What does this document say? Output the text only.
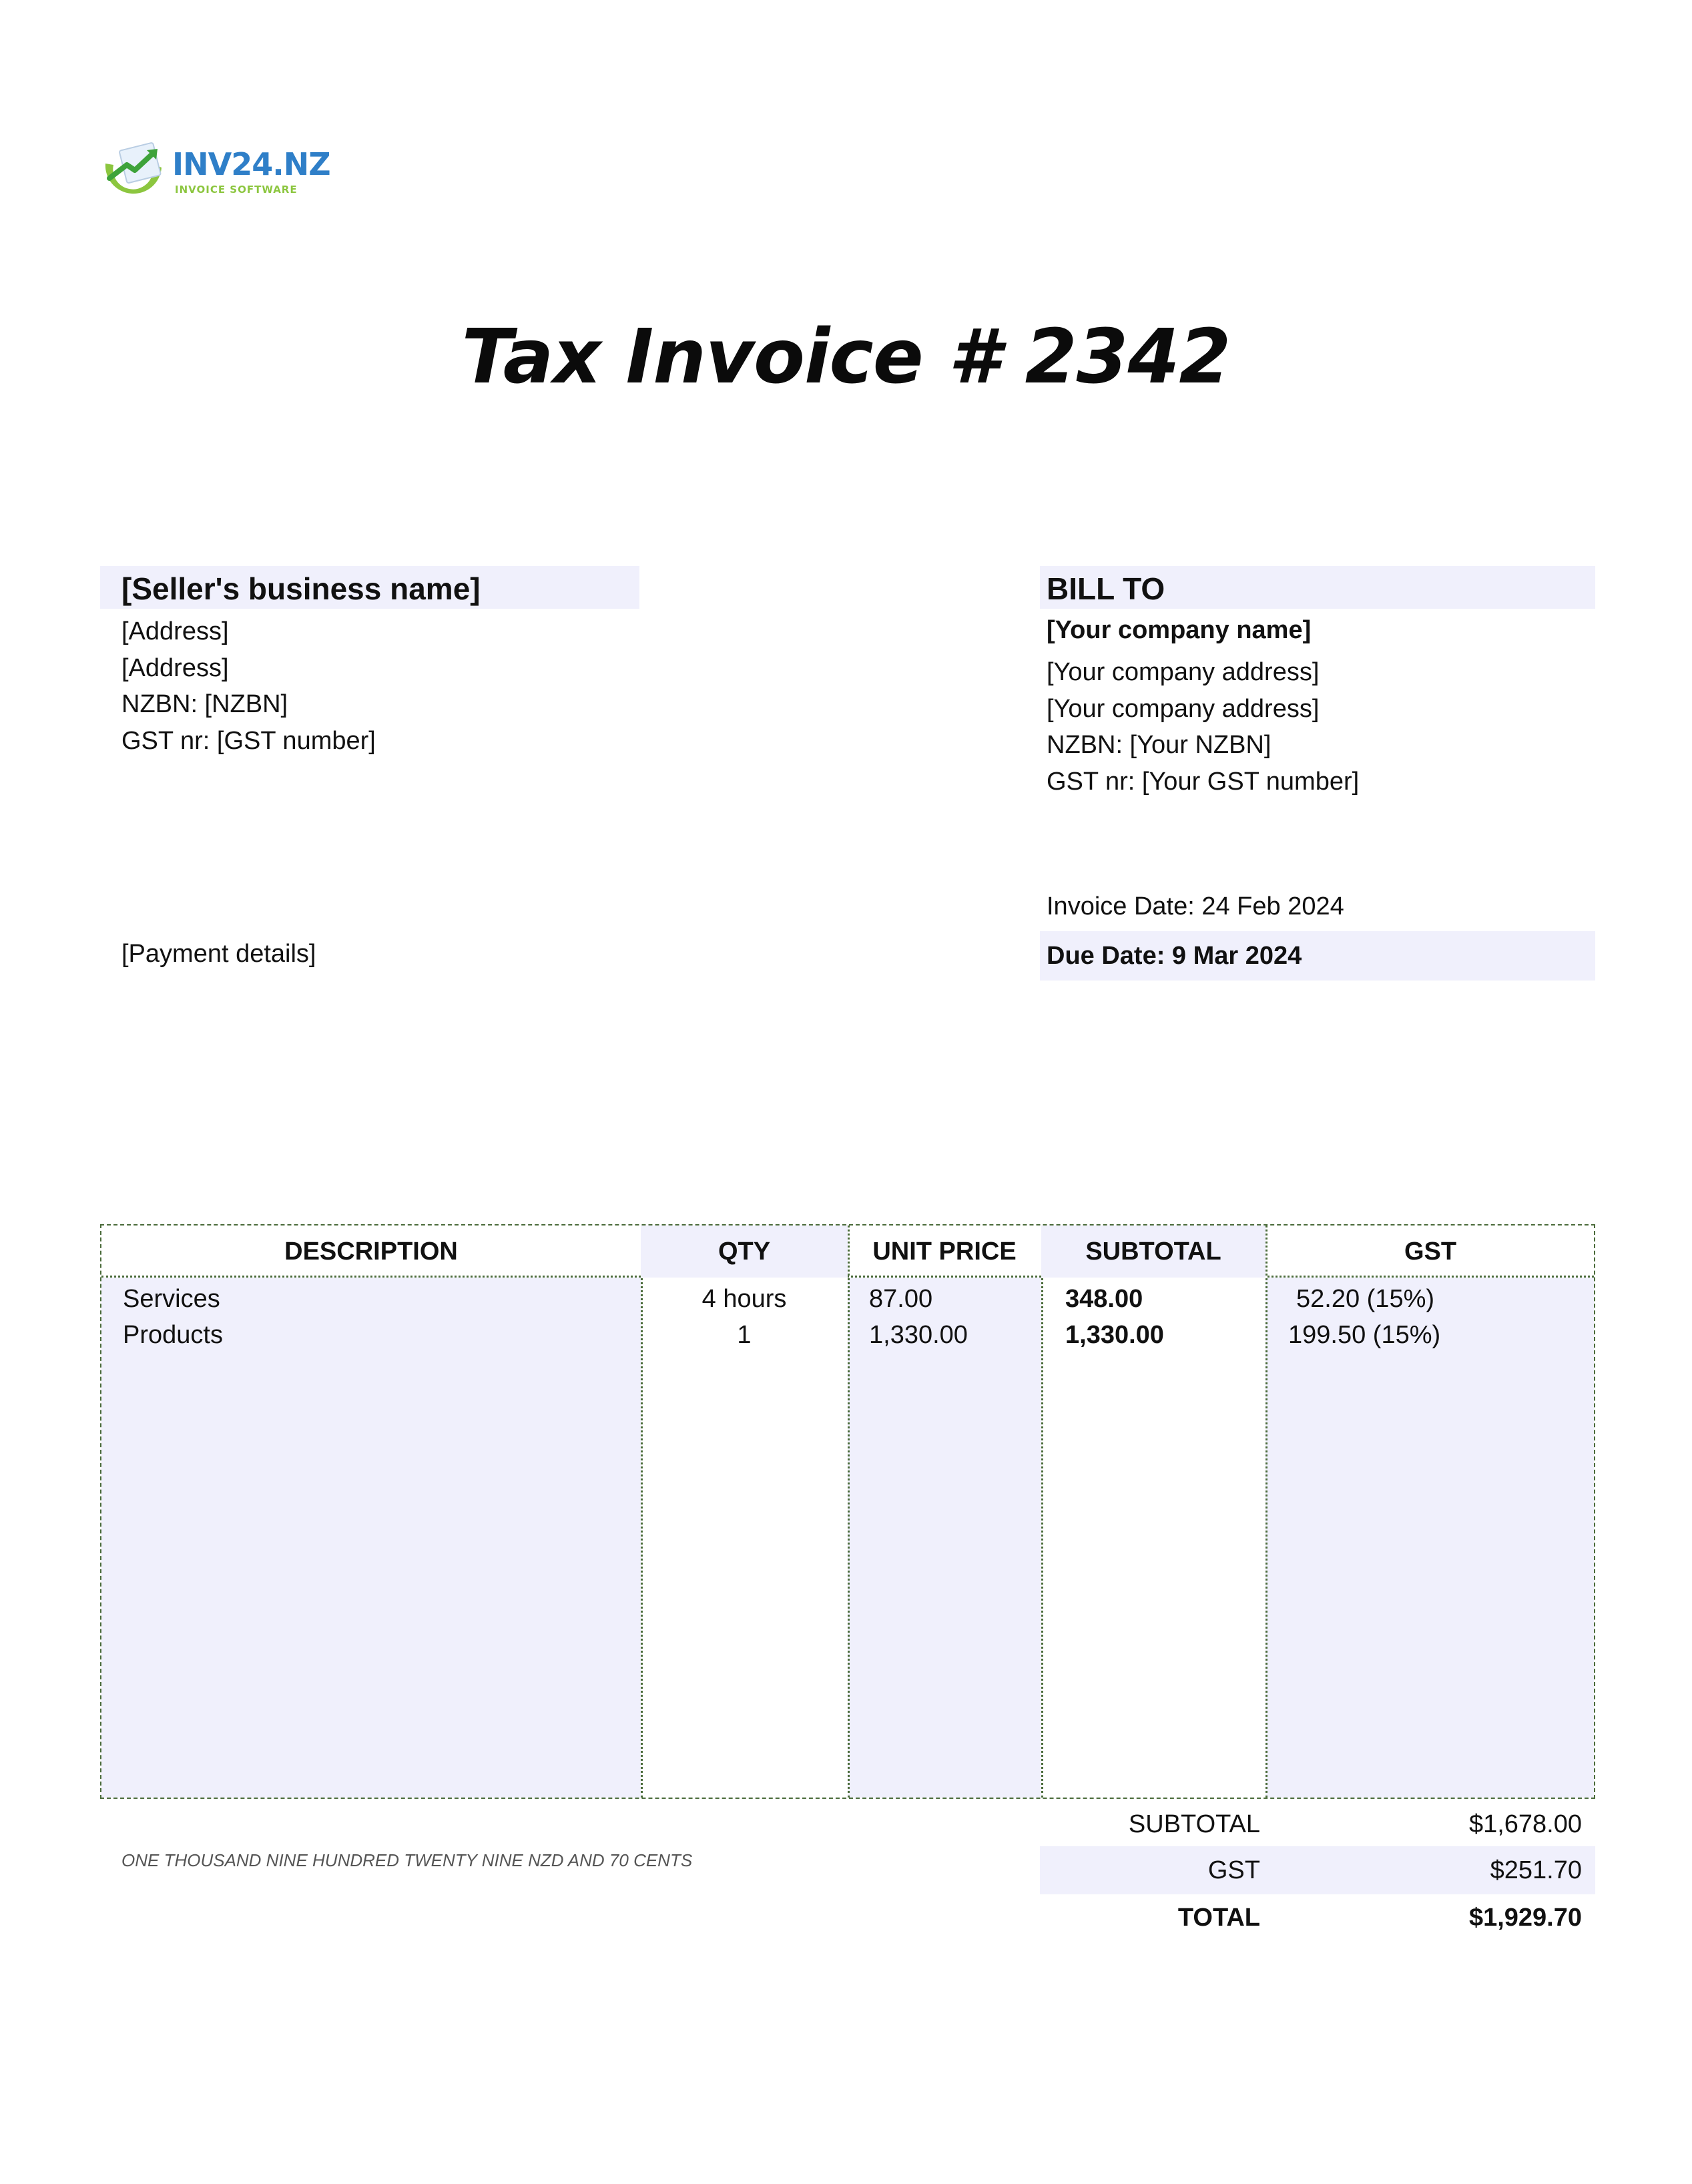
INV24.NZ
INVOICE SOFTWARE
Tax Invoice # 2342
[Seller's business name]
[Address]
[Address]
NZBN: [NZBN]
GST nr: [GST number]
[Payment details]
BILL TO
[Your company name]
[Your company address]
[Your company address]
NZBN: [Your NZBN]
GST nr: [Your GST number]
Invoice Date: 24 Feb 2024
Due Date: 9 Mar 2024
DESCRIPTION	QTY	UNIT PRICE	SUBTOTAL	GST
Services	4 hours	87.00	348.00	52.20 (15%)
Products	1	1,330.00	1,330.00	199.50 (15%)
ONE THOUSAND NINE HUNDRED TWENTY NINE NZD AND 70 CENTS
SUBTOTAL	$1,678.00
GST	$251.70
TOTAL	$1,929.70
